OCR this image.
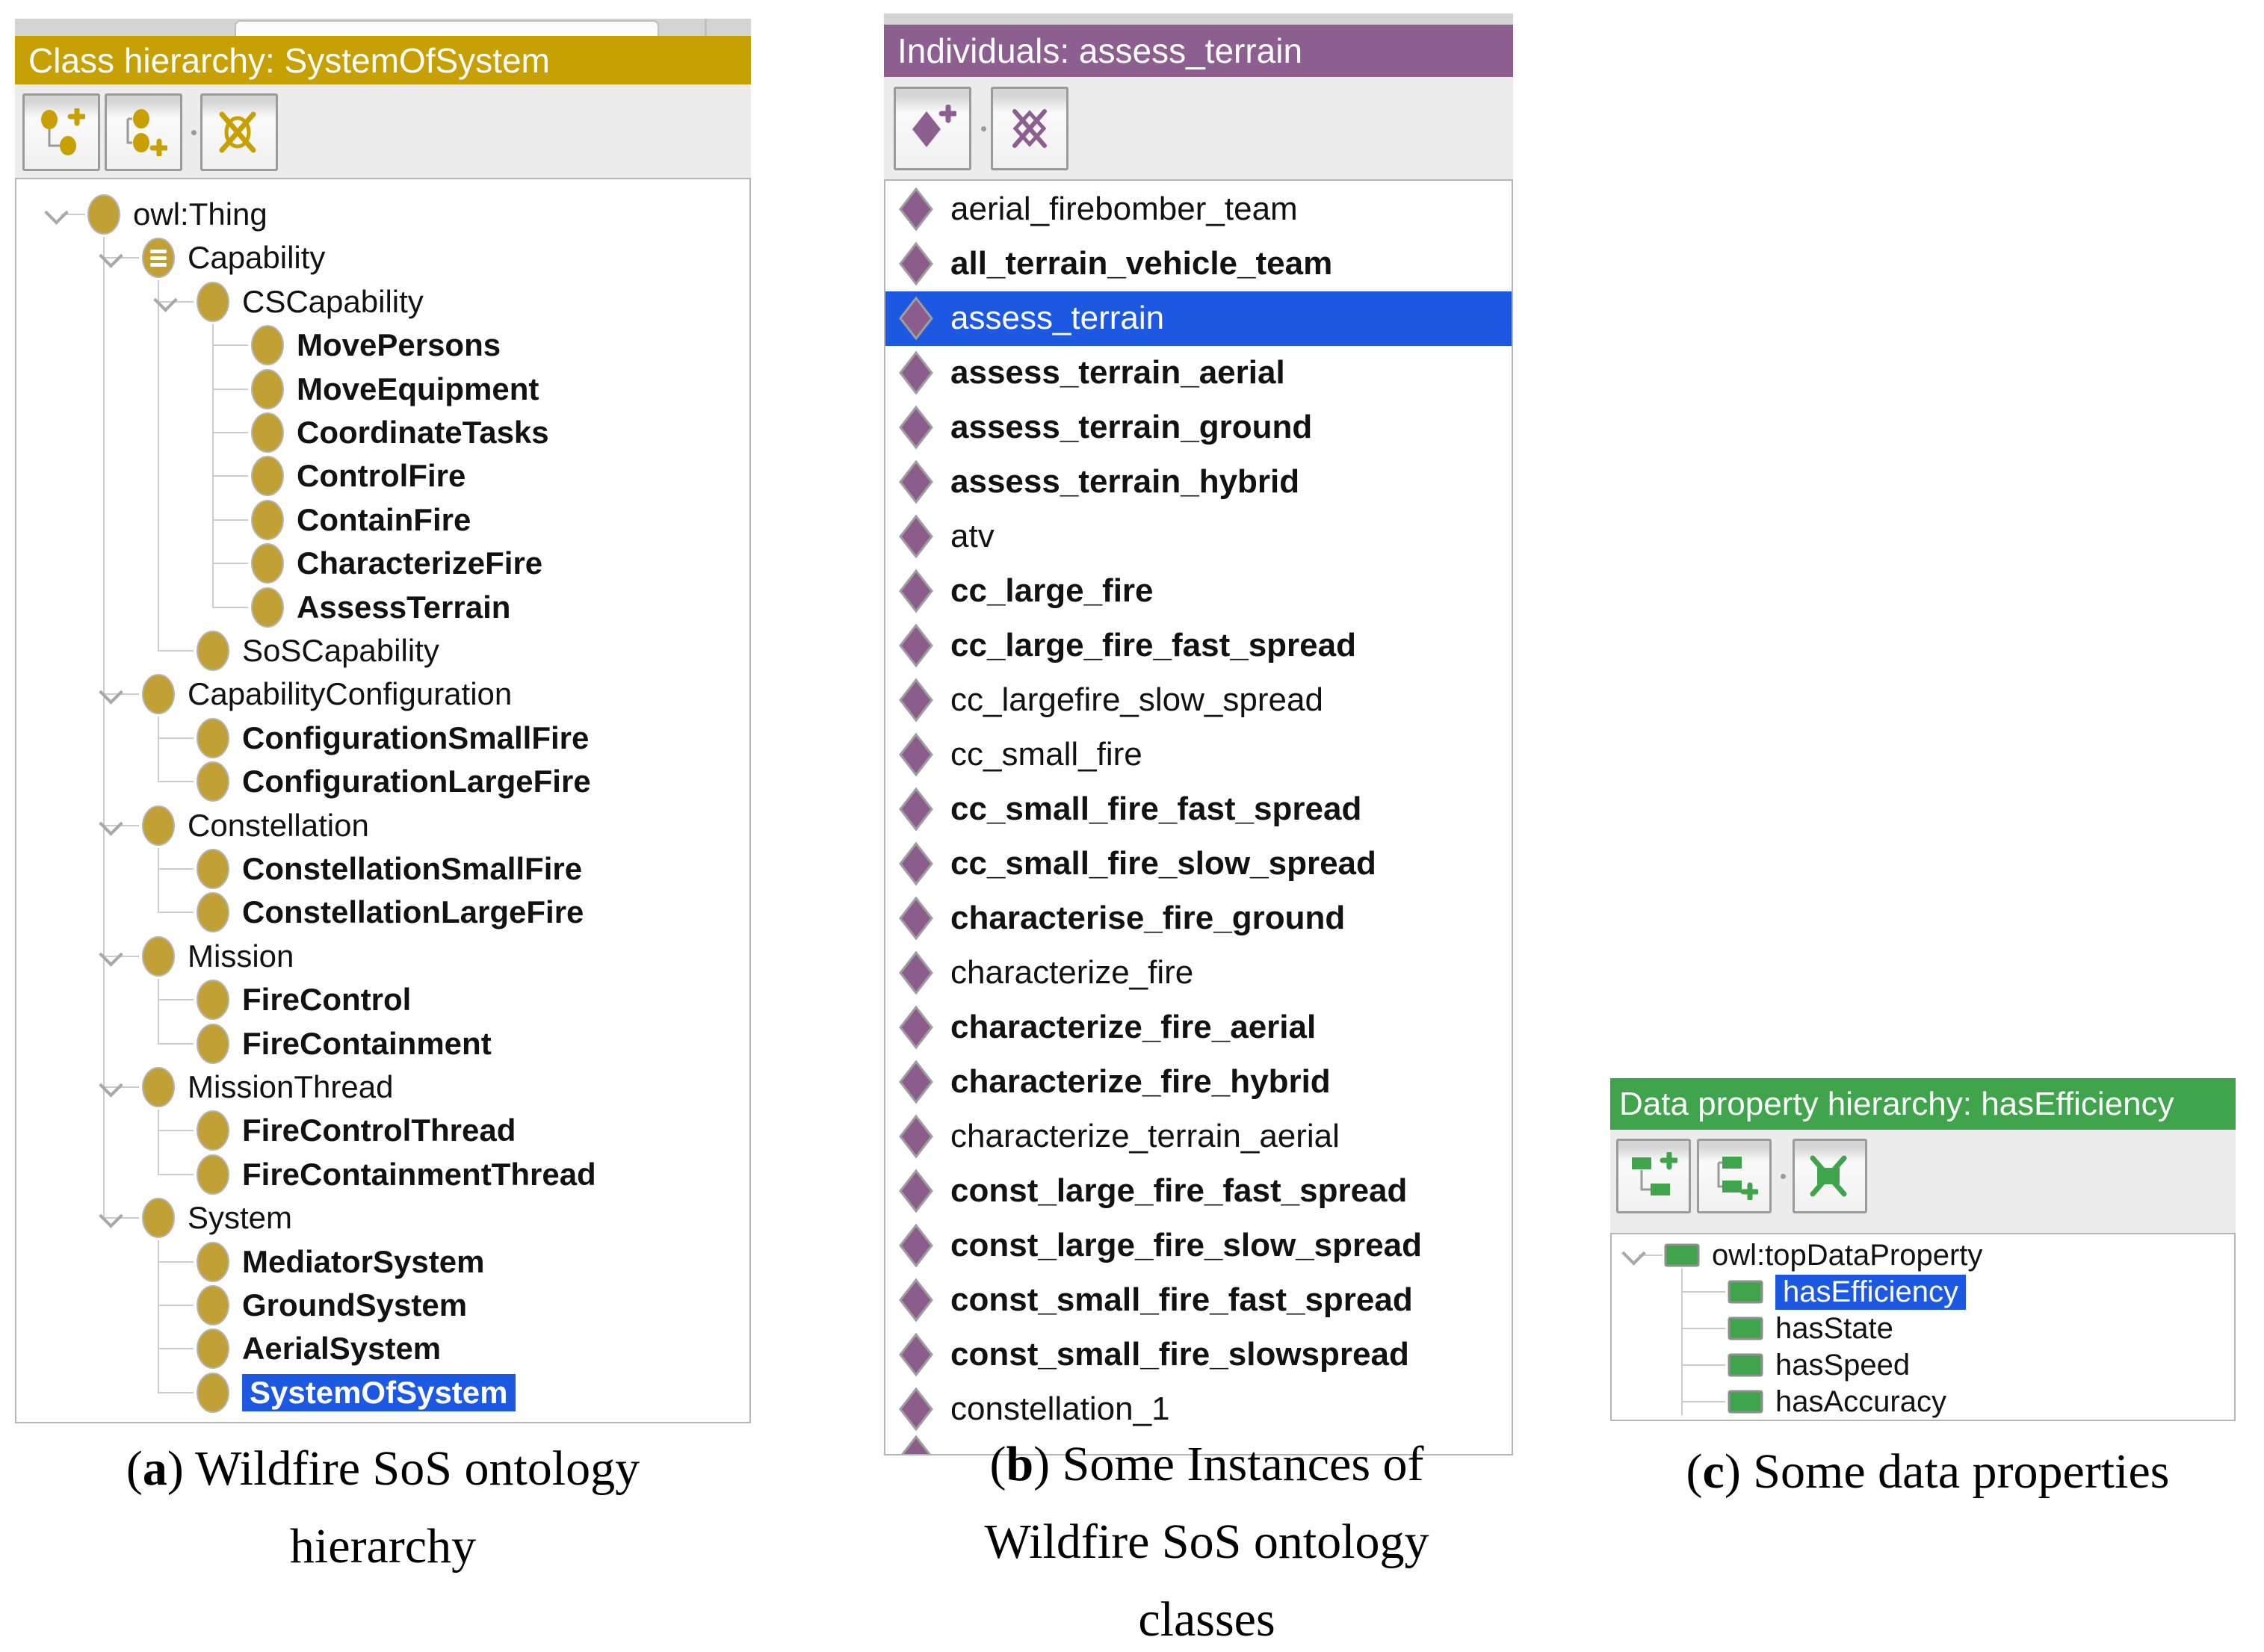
Class hierarchy: SystemOfSystem
owl:Thing
Capability
CSCapability
MovePersons
MoveEquipment
CoordinateTasks
ControlFire
ContainFire
CharacterizeFire
AssessTerrain
SoSCapability
CapabilityConfiguration
ConfigurationSmallFire
ConfigurationLargeFire
Constellation
ConstellationSmallFire
ConstellationLargeFire
Mission
FireControl
FireContainment
MissionThread
FireControlThread
FireContainmentThread
System
MediatorSystem
GroundSystem
AerialSystem
SystemOfSystem
Individuals: assess_terrain
aerial_firebomber_team
all_terrain_vehicle_team
assess_terrain
assess_terrain_aerial
assess_terrain_ground
assess_terrain_hybrid
atv
cc_large_fire
cc_large_fire_fast_spread
cc_largefire_slow_spread
cc_small_fire
cc_small_fire_fast_spread
cc_small_fire_slow_spread
characterise_fire_ground
characterize_fire
characterize_fire_aerial
characterize_fire_hybrid
characterize_terrain_aerial
const_large_fire_fast_spread
const_large_fire_slow_spread
const_small_fire_fast_spread
const_small_fire_slowspread
constellation_1
Data property hierarchy: hasEfficiency
owl:topDataProperty
hasEfficiency
hasState
hasSpeed
hasAccuracy
(a) Wildfire SoS ontology
hierarchy
(b) Some Instances of
Wildfire SoS ontology
classes
(c) Some data properties
